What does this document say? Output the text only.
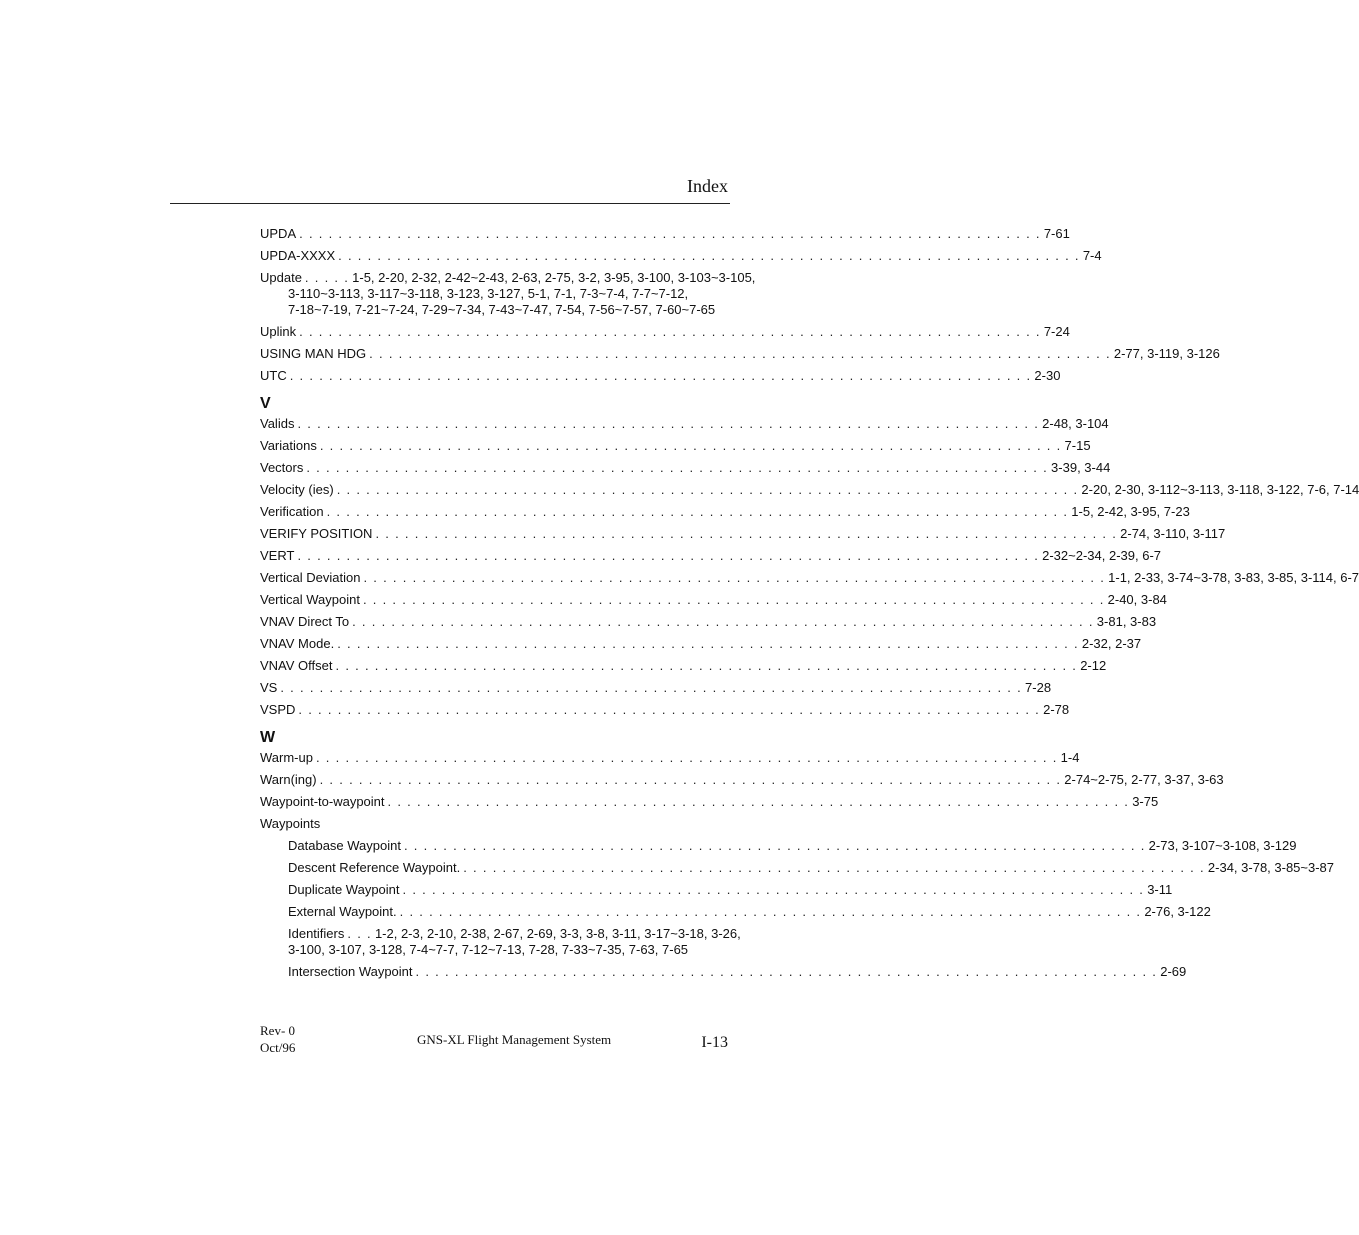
Index
UPDA . . . . . . . . . . . . . . . . . . . . . . . . . . . . . . . . . . . . . . . . . . . . . . . . . . . . . . . . . . . . . . . . . . . . . . . . . . . . 7-61
UPDA-XXXX . . . . . . . . . . . . . . . . . . . . . . . . . . . . . . . . . . . . . . . . . . . . . . . . . . . . . . . . . . . . . . . . . . . . . . . . . . . . 7-4
Update . . . . . 1-5, 2-20, 2-32, 2-42~2-43, 2-63, 2-75, 3-2, 3-95, 3-100, 3-103~3-105,
3-110~3-113, 3-117~3-118, 3-123, 3-127, 5-1, 7-1, 7-3~7-4, 7-7~7-12,
7-18~7-19, 7-21~7-24, 7-29~7-34, 7-43~7-47, 7-54, 7-56~7-57, 7-60~7-65
Uplink . . . . . . . . . . . . . . . . . . . . . . . . . . . . . . . . . . . . . . . . . . . . . . . . . . . . . . . . . . . . . . . . . . . . . . . . . . . . 7-24
USING MAN HDG . . . . . . . . . . . . . . . . . . . . . . . . . . . . . . . . . . . . . . . . . . . . . . . . . . . . . . . . . . . . . . . . . . . . . . . . . . . . 2-77, 3-119, 3-126
UTC . . . . . . . . . . . . . . . . . . . . . . . . . . . . . . . . . . . . . . . . . . . . . . . . . . . . . . . . . . . . . . . . . . . . . . . . . . . . 2-30
V
Valids . . . . . . . . . . . . . . . . . . . . . . . . . . . . . . . . . . . . . . . . . . . . . . . . . . . . . . . . . . . . . . . . . . . . . . . . . . . . 2-48, 3-104
Variations . . . . . . . . . . . . . . . . . . . . . . . . . . . . . . . . . . . . . . . . . . . . . . . . . . . . . . . . . . . . . . . . . . . . . . . . . . . . 7-15
Vectors . . . . . . . . . . . . . . . . . . . . . . . . . . . . . . . . . . . . . . . . . . . . . . . . . . . . . . . . . . . . . . . . . . . . . . . . . . . . 3-39, 3-44
Velocity (ies) . . . . . . . . . . . . . . . . . . . . . . . . . . . . . . . . . . . . . . . . . . . . . . . . . . . . . . . . . . . . . . . . . . . . . . . . . . . . 2-20, 2-30, 3-112~3-113, 3-118, 3-122, 7-6, 7-14
Verification . . . . . . . . . . . . . . . . . . . . . . . . . . . . . . . . . . . . . . . . . . . . . . . . . . . . . . . . . . . . . . . . . . . . . . . . . . . . 1-5, 2-42, 3-95, 7-23
VERIFY POSITION . . . . . . . . . . . . . . . . . . . . . . . . . . . . . . . . . . . . . . . . . . . . . . . . . . . . . . . . . . . . . . . . . . . . . . . . . . . . 2-74, 3-110, 3-117
VERT . . . . . . . . . . . . . . . . . . . . . . . . . . . . . . . . . . . . . . . . . . . . . . . . . . . . . . . . . . . . . . . . . . . . . . . . . . . . 2-32~2-34, 2-39, 6-7
Vertical Deviation . . . . . . . . . . . . . . . . . . . . . . . . . . . . . . . . . . . . . . . . . . . . . . . . . . . . . . . . . . . . . . . . . . . . . . . . . . . . 1-1, 2-33, 3-74~3-78, 3-83, 3-85, 3-114, 6-7
Vertical Waypoint . . . . . . . . . . . . . . . . . . . . . . . . . . . . . . . . . . . . . . . . . . . . . . . . . . . . . . . . . . . . . . . . . . . . . . . . . . . . 2-40, 3-84
VNAV Direct To . . . . . . . . . . . . . . . . . . . . . . . . . . . . . . . . . . . . . . . . . . . . . . . . . . . . . . . . . . . . . . . . . . . . . . . . . . . . 3-81, 3-83
VNAV Mode. . . . . . . . . . . . . . . . . . . . . . . . . . . . . . . . . . . . . . . . . . . . . . . . . . . . . . . . . . . . . . . . . . . . . . . . . . . . . 2-32, 2-37
VNAV Offset . . . . . . . . . . . . . . . . . . . . . . . . . . . . . . . . . . . . . . . . . . . . . . . . . . . . . . . . . . . . . . . . . . . . . . . . . . . . 2-12
VS . . . . . . . . . . . . . . . . . . . . . . . . . . . . . . . . . . . . . . . . . . . . . . . . . . . . . . . . . . . . . . . . . . . . . . . . . . . . 7-28
VSPD . . . . . . . . . . . . . . . . . . . . . . . . . . . . . . . . . . . . . . . . . . . . . . . . . . . . . . . . . . . . . . . . . . . . . . . . . . . . 2-78
W
Warm-up . . . . . . . . . . . . . . . . . . . . . . . . . . . . . . . . . . . . . . . . . . . . . . . . . . . . . . . . . . . . . . . . . . . . . . . . . . . . 1-4
Warn(ing) . . . . . . . . . . . . . . . . . . . . . . . . . . . . . . . . . . . . . . . . . . . . . . . . . . . . . . . . . . . . . . . . . . . . . . . . . . . . 2-74~2-75, 2-77, 3-37, 3-63
Waypoint-to-waypoint . . . . . . . . . . . . . . . . . . . . . . . . . . . . . . . . . . . . . . . . . . . . . . . . . . . . . . . . . . . . . . . . . . . . . . . . . . . . 3-75
Waypoints
Database Waypoint . . . . . . . . . . . . . . . . . . . . . . . . . . . . . . . . . . . . . . . . . . . . . . . . . . . . . . . . . . . . . . . . . . . . . . . . . . . . 2-73, 3-107~3-108, 3-129
Descent Reference Waypoint. . . . . . . . . . . . . . . . . . . . . . . . . . . . . . . . . . . . . . . . . . . . . . . . . . . . . . . . . . . . . . . . . . . . . . . . . . . . . 2-34, 3-78, 3-85~3-87
Duplicate Waypoint . . . . . . . . . . . . . . . . . . . . . . . . . . . . . . . . . . . . . . . . . . . . . . . . . . . . . . . . . . . . . . . . . . . . . . . . . . . . 3-11
External Waypoint. . . . . . . . . . . . . . . . . . . . . . . . . . . . . . . . . . . . . . . . . . . . . . . . . . . . . . . . . . . . . . . . . . . . . . . . . . . . . 2-76, 3-122
Identifiers . . . 1-2, 2-3, 2-10, 2-38, 2-67, 2-69, 3-3, 3-8, 3-11, 3-17~3-18, 3-26,
3-100, 3-107, 3-128, 7-4~7-7, 7-12~7-13, 7-28, 7-33~7-35, 7-63, 7-65
Intersection Waypoint . . . . . . . . . . . . . . . . . . . . . . . . . . . . . . . . . . . . . . . . . . . . . . . . . . . . . . . . . . . . . . . . . . . . . . . . . . . . 2-69
Rev- 0
Oct/96
GNS-XL Flight Management System	I-13
